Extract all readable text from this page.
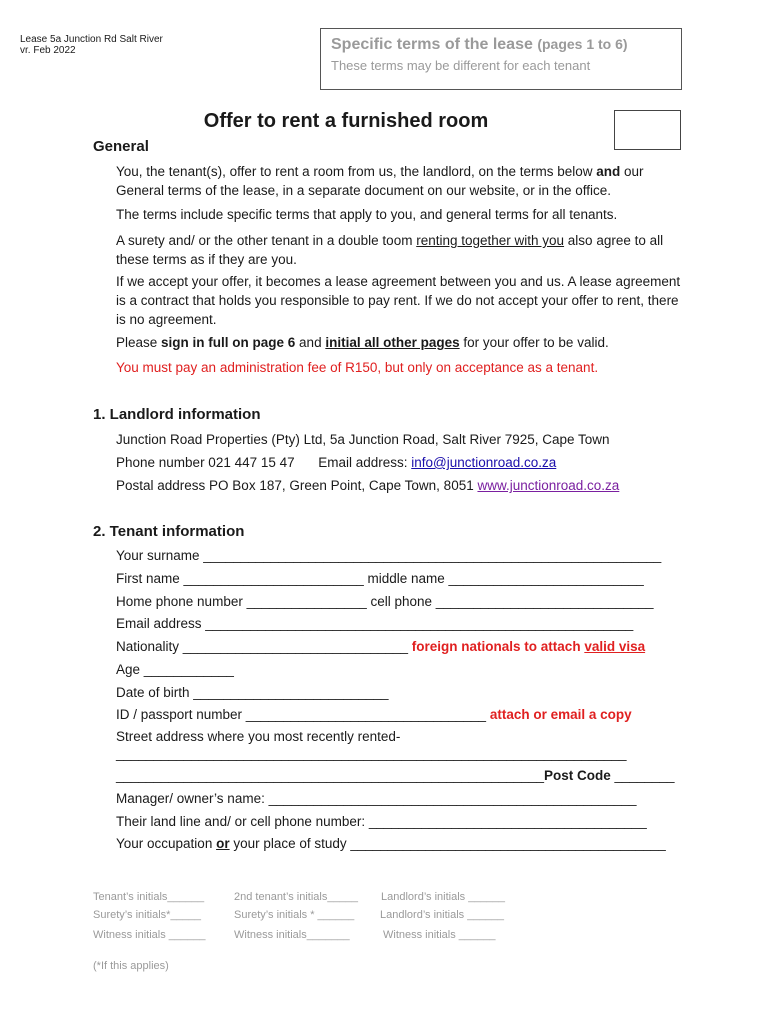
Lease 5a Junction Rd Salt River
vr. Feb 2022	Specific terms of the lease (pages 1 to 6)
These terms may be different for each tenant
Offer to rent a furnished room
General
You, the tenant(s), offer to rent a room from us, the landlord, on the terms below and our General terms of the lease, in a separate document on our website, or in the office.
The terms include specific terms that apply to you, and general terms for all tenants.
A surety and/ or the other tenant in a double toom renting together with you also agree to all these terms as if they are you.
If we accept your offer, it becomes a lease agreement between you and us. A lease agreement is a contract that holds you responsible to pay rent. If we do not accept your offer to rent, there is no agreement.
Please sign in full on page 6 and initial all other pages for your offer to be valid.
You must pay an administration fee of R150, but only on acceptance as a tenant.
1. Landlord information
Junction Road Properties (Pty) Ltd, 5a Junction Road, Salt River 7925, Cape Town
Phone number 021 447 15 47 Email address: info@junctionroad.co.za
Postal address PO Box 187, Green Point, Cape Town, 8051 www.junctionroad.co.za
2. Tenant information
Your surname _____________________________________________________________
First name ________________________ middle name __________________________
Home phone number ________________ cell phone _____________________________
Email address _________________________________________________________
Nationality ______________________________ foreign nationals to attach valid visa
Age ____________
Date of birth __________________________
ID / passport number ________________________________ attach or email a copy
Street address where you most recently rented-
____________________________________________________________________
_________________________________________________________Post Code ________
Manager/ owner’s name: _________________________________________________
Their land line and/ or cell phone number: _____________________________________
Your occupation or your place of study __________________________________________
Tenant’s initials______	2nd tenant’s initials_____ Landlord’s initials ______
Surety’s initials*_____	Surety’s initials * ______ Landlord’s initials ______
Witness initials ______	Witness initials_______	Witness initials ______
(*If this applies)
